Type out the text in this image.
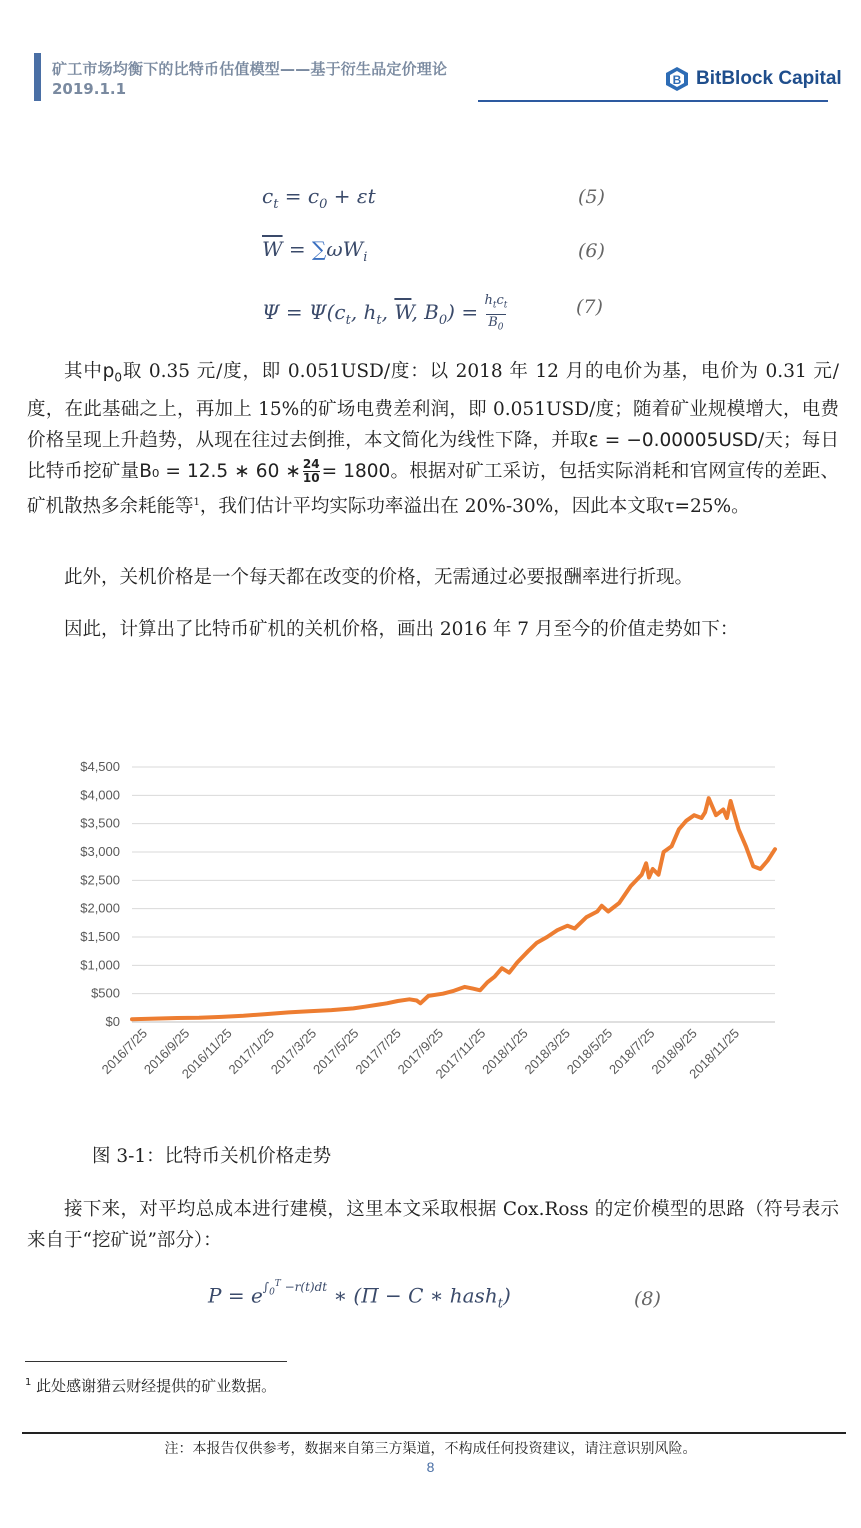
矿工市场均衡下的比特币估值模型——基于衍生品定价理论
2019.1.1	B BitBlock Capital
$c_t = c_0 + \varepsilon t$	(5)
$\overline{W} = \sum\omega W_i$	(6)
$\Psi = \Psi(c_t$, $h_t$, $\overline{W}$, $B_0) = h_tc_t$
$B_0$
(7)

其中$p_0$取 0.35 元/度，即 0.051USD/度：以 2018 年 12 月的电价为基，电价为 0.31 元/度，在此基础之上，再加上 15%的矿场电费差利润，即 0.051USD/度；随着矿业规模增大，电费价格呈现上升趋势，从现在往过去倒推，本文简化为线性下降，并取ε = −0.00005USD/天；每日比特币挖矿量B₀ = 12.5 ∗ 60 ∗ $\frac{24}{10} = 1800$。根据对矿工采访，包括实际消耗和官网宣传的差距、矿机散热多余耗能等$^1$，我们估计平均实际功率溢出在 20%-30%，因此本文取τ=25%。

此外，关机价格是一个每天都在改变的价格，无需通过必要报酬率进行折现。

因此，计算出了比特币矿机的关机价格，画出 2016 年 7 月至今的价值走势如下：

$0
$500
$1,000
$1,500
$2,000
$2,500
$3,000
$3,500
$4,000
$4,500
2016/7/25
2016/9/25
2016/11/25
2017/1/25
2017/3/25
2017/5/25
2017/7/25
2017/9/25
2017/11/25
2018/1/25
2018/3/25
2018/5/25
2018/7/25
2018/9/25
2018/11/25
图 3-1：比特币关机价格走势

接下来，对平均总成本进行建模，这里本文采取根据 Cox.Ross 的定价模型的思路（符号表示来自于“挖矿说”部分）：

$P = e^{\int_0^T -r(t)dt}$ ∗ (Π − C ∗ hash$_t$)	(8)
$^1$ 此处感谢猎云财经提供的矿业数据。
注：本报告仅供参考，数据来自第三方渠道，不构成任何投资建议，请注意识别风险。
8
